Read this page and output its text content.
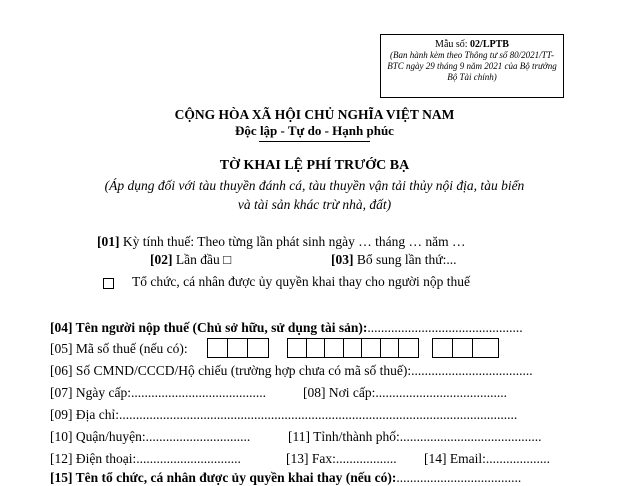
Mẫu số: 02/LPTB
(Ban hành kèm theo Thông tư số 80/2021/TT-BTC ngày 29 tháng 9 năm 2021 của Bộ trưởng Bộ Tài chính)
CỘNG HÒA XÃ HỘI CHỦ NGHĨA VIỆT NAM
Độc lập - Tự do - Hạnh phúc
TỜ KHAI LỆ PHÍ TRƯỚC BẠ
(Áp dụng đối với tàu thuyền đánh cá, tàu thuyền vận tải thủy nội địa, tàu biển
và tài sản khác trừ nhà, đất)
[01] Kỳ tính thuế: Theo từng lần phát sinh ngày … tháng … năm …
[02] Lần đầu □	[03] Bổ sung lần thứ:...
Tổ chức, cá nhân được ủy quyền khai thay cho người nộp thuế
[04] Tên người nộp thuế (Chủ sở hữu, sử dụng tài sản):..............................................
[05] Mã số thuế (nếu có):
[06] Số CMND/CCCD/Hộ chiếu (trường hợp chưa có mã số thuế):....................................
[07] Ngày cấp:........................................	[08] Nơi cấp:.......................................
[09] Địa chỉ:......................................................................................................................
[10] Quận/huyện:...............................	[11] Tỉnh/thành phố:..........................................
[12] Điện thoại:...............................	[13] Fax:.................. [14] Email:...................
[15] Tên tổ chức, cá nhân được ủy quyền khai thay (nếu có):.....................................
